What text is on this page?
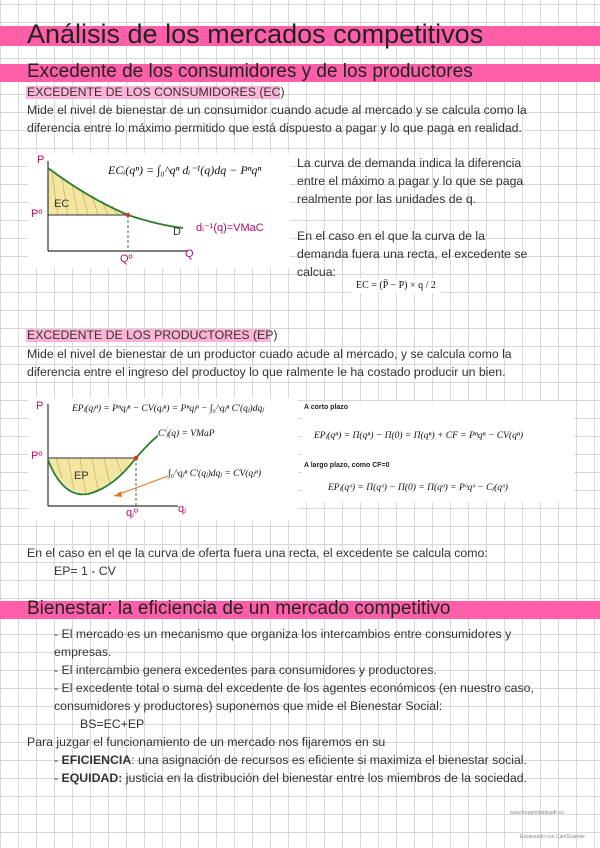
Análisis de los mercados competitivos
Excedente de los consumidores y de los productores
EXCEDENTE DE LOS CONSUMIDORES (EC)
Mide el nivel de bienestar de un consumidor cuando acude al mercado y se calcula como la
diferencia entre lo máximo permitido que está dispuesto a pagar y lo que paga en realidad.
P
Q
Pº
Qº
EC
D dᵢ⁻¹(q)=VMaC
ECᵢ(qⁿ) = ∫₀^qⁿ dᵢ⁻¹(q)dq − Pⁿqⁿ	La curva de demanda indica la diferencia
entre el máximo a pagar y lo que se paga
realmente por las unidades de q.
En el caso en el que la curva de la
demanda fuera una recta, el excedente se
calcua:
EC = (P̄ − P) × q / 2
EXCEDENTE DE LOS PRODUCTORES (EP)
Mide el nivel de bienestar de un productor cuado acude al mercado, y se calcula como la
diferencia entre el ingreso del productoy lo que ralmente le ha costado producir un bien.
P
qⱼ
Pº
qⱼº
EP
EPⱼ(qⱼⁿ) = Pⁿqⱼⁿ − CV(qⱼⁿ) = Pⁿqⱼⁿ − ∫₀^qⱼⁿ C'(qⱼ)dqⱼ
C'ⱼ(q) = VMaP
∫₀^qⱼⁿ C'(qⱼ)dqⱼ = CV(qⱼⁿ)
A corto plazo
EPⱼ(qⁿ) = Π(qⁿ) − Π(0) = Π(qⁿ) + CF = Pⁿqⁿ − CV(qⁿ)
A largo plazo, como CF=0
EPⱼ(qᵒ) = Π(qᵒ) − Π(0) = Π(qᵒ) = Pᵒqᵒ − Cⱼ(qᵒ)
En el caso en el qe la curva de oferta fuera una recta, el excedente se calcula como:
EP= 1 - CV
Bienestar: la eficiencia de un mercado competitivo
- El mercado es un mecanismo que organiza los intercambios entre consumidores y
empresas.
- El intercambio genera excedentes para consumidores y productores.
- El excedente total o suma del excedente de los agentes económicos (en nuestro caso,
consumidores y productores) suponemos que mide el Bienestar Social:
BS=EC+EP
Para juzgar el funcionamiento de un mercado nos fijaremos en su
- EFICIENCIA: una asignación de recursos es eficiente si maximiza el bienestar social.
- EQUIDAD: justicia en la distribución del bienestar entre los miembros de la sociedad.
www.freeprintablepdf.eu
Escaneado con CamScanner
